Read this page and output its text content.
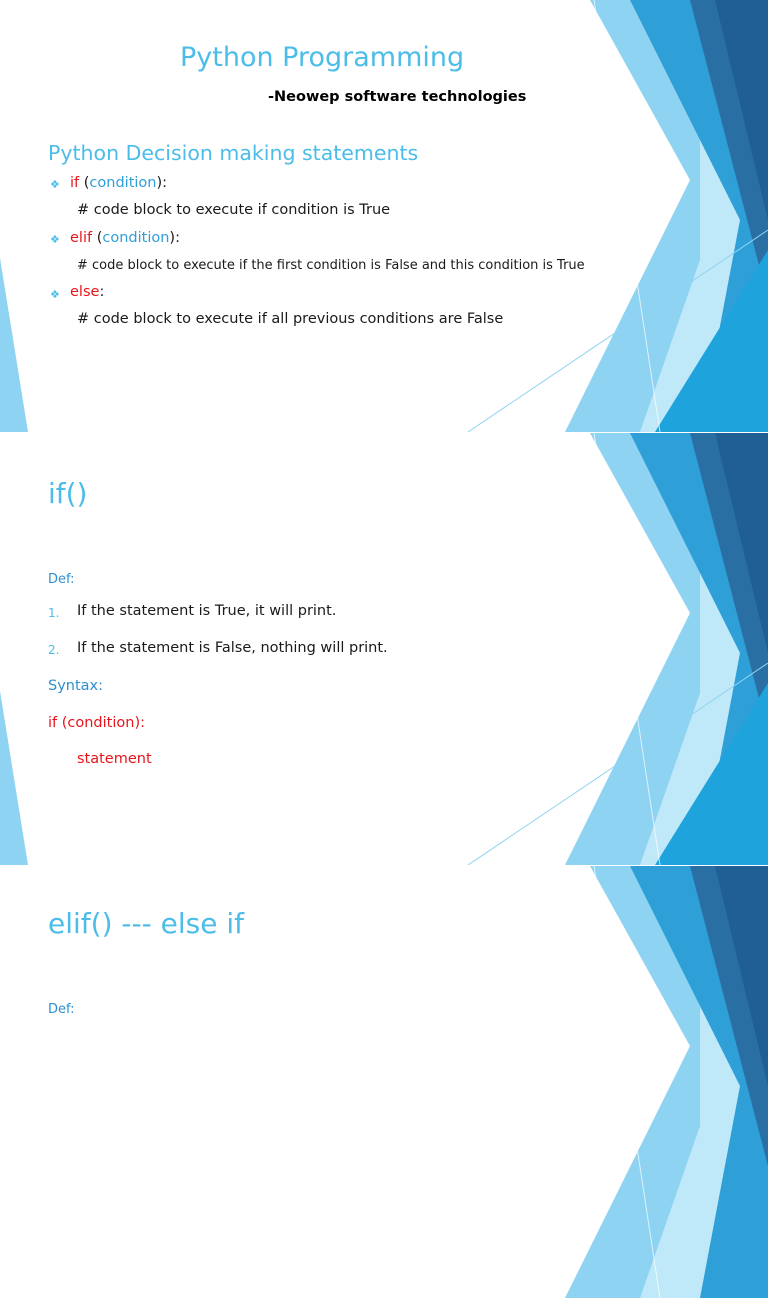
Python Programming
-Neowep software technologies
Python Decision making statements
❖ if (condition):
# code block to execute if condition is True
❖ elif (condition):
# code block to execute if the first condition is False and this condition is True
❖ else:
# code block to execute if all previous conditions are False
if()
Def:
1. If the statement is True, it will print.
2. If the statement is False, nothing will print.
Syntax:
if (condition):
statement
elif() --- else if
Def:
